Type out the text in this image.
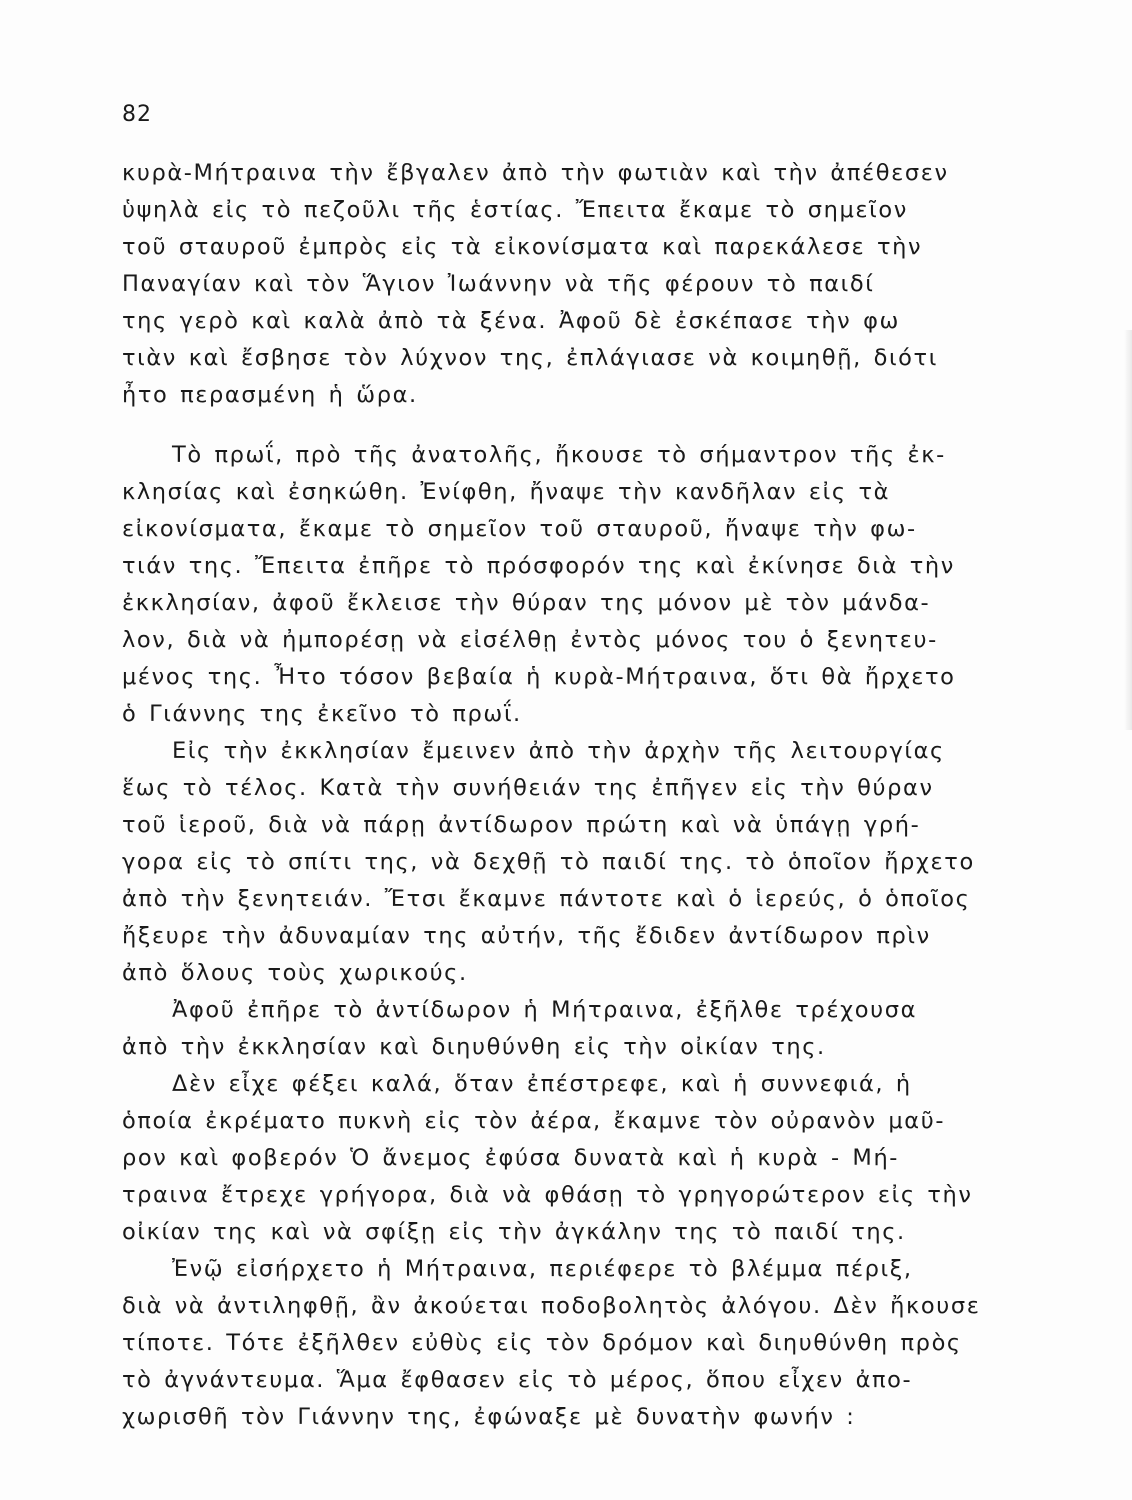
82
κυρὰ-Μήτραινα τὴν ἔβγαλεν ἀπὸ τὴν φωτιὰν καὶ τὴν ἀπέθεσεν
ὑψηλὰ εἰς τὸ πεζοῦλι τῆς ἑστίας. Ἔπειτα ἔκαμε τὸ σημεῖον
τοῦ σταυροῦ ἐμπρὸς εἰς τὰ εἰκονίσματα καὶ παρεκάλεσε τὴν
Παναγίαν καὶ τὸν Ἅγιον Ἰωάννην νὰ τῆς φέρουν τὸ παιδί
της γερὸ καὶ καλὰ ἀπὸ τὰ ξένα. Ἀφοῦ δὲ ἐσκέπασε τὴν φω
τιὰν καὶ ἔσβησε τὸν λύχνον της, ἐπλάγιασε νὰ κοιμηθῇ, διότι
ἦτο περασμένη ἡ ὥρα.
Τὸ πρωΐ, πρὸ τῆς ἀνατολῆς, ἤκουσε τὸ σήμαντρον τῆς ἐκ-
κλησίας καὶ ἐσηκώθη. Ἐνίφθη, ἤναψε τὴν κανδῆλαν εἰς τὰ
εἰκονίσματα, ἔκαμε τὸ σημεῖον τοῦ σταυροῦ, ἤναψε τὴν φω-
τιάν της. Ἔπειτα ἐπῆρε τὸ πρόσφορόν της καὶ ἐκίνησε διὰ τὴν
ἐκκλησίαν, ἀφοῦ ἔκλεισε τὴν θύραν της μόνον μὲ τὸν μάνδα-
λον, διὰ νὰ ἠμπορέσῃ νὰ εἰσέλθῃ ἐντὸς μόνος του ὁ ξενητευ-
μένος της. Ἦτο τόσον βεβαία ἡ κυρὰ-Μήτραινα, ὅτι θὰ ἤρχετο
ὁ Γιάννης της ἐκεῖνο τὸ πρωΐ.
Εἰς τὴν ἐκκλησίαν ἔμεινεν ἀπὸ τὴν ἀρχὴν τῆς λειτουργίας
ἕως τὸ τέλος. Κατὰ τὴν συνήθειάν της ἐπῆγεν εἰς τὴν θύραν
τοῦ ἱεροῦ, διὰ νὰ πάρῃ ἀντίδωρον πρώτη καὶ νὰ ὑπάγῃ γρή-
γορα εἰς τὸ σπίτι της, νὰ δεχθῇ τὸ παιδί της. τὸ ὁποῖον ἤρχετο
ἀπὸ τὴν ξενητειάν. Ἔτσι ἔκαμνε πάντοτε καὶ ὁ ἱερεύς, ὁ ὁποῖος
ἤξευρε τὴν ἀδυναμίαν της αὐτήν, τῆς ἔδιδεν ἀντίδωρον πρὶν
ἀπὸ ὅλους τοὺς χωρικούς.
Ἀφοῦ ἐπῆρε τὸ ἀντίδωρον ἡ Μήτραινα, ἐξῆλθε τρέχουσα
ἀπὸ τὴν ἐκκλησίαν καὶ διηυθύνθη εἰς τὴν οἰκίαν της.
Δὲν εἶχε φέξει καλά, ὅταν ἐπέστρεφε, καὶ ἡ συννεφιά, ἡ
ὁποία ἐκρέματο πυκνὴ εἰς τὸν ἀέρα, ἔκαμνε τὸν οὐρανὸν μαῦ-
ρον καὶ φοβερόν Ὁ ἄνεμος ἐφύσα δυνατὰ καὶ ἡ κυρὰ - Μή-
τραινα ἔτρεχε γρήγορα, διὰ νὰ φθάσῃ τὸ γρηγορώτερον εἰς τὴν
οἰκίαν της καὶ νὰ σφίξῃ εἰς τὴν ἀγκάλην της τὸ παιδί της.
Ἐνῷ εἰσήρχετο ἡ Μήτραινα, περιέφερε τὸ βλέμμα πέριξ,
διὰ νὰ ἀντιληφθῇ, ἂν ἀκούεται ποδοβολητὸς ἀλόγου. Δὲν ἤκουσε
τίποτε. Τότε ἐξῆλθεν εὐθὺς εἰς τὸν δρόμον καὶ διηυθύνθη πρὸς
τὸ ἀγνάντευμα. Ἅμα ἔφθασεν εἰς τὸ μέρος, ὅπου εἶχεν ἀπο-
χωρισθῆ τὸν Γιάννην της, ἐφώναξε μὲ δυνατὴν φωνήν :
